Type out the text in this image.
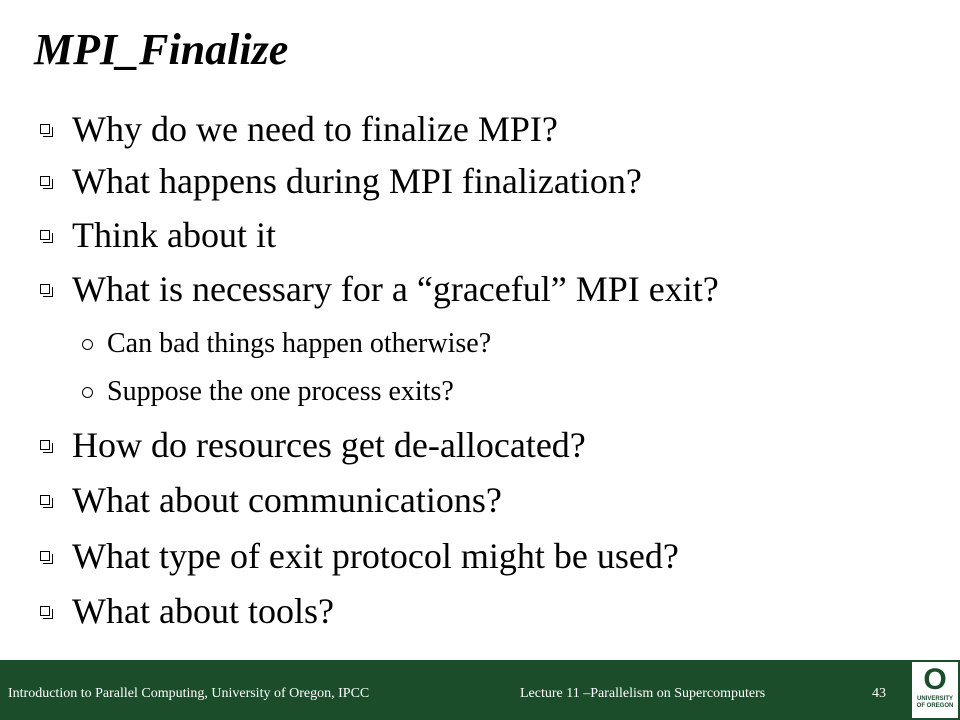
MPI_Finalize
Why do we need to finalize MPI?
What happens during MPI finalization?
Think about it
What is necessary for a “graceful” MPI exit?
Can bad things happen otherwise?
Suppose the one process exits?
How do resources get de-allocated?
What about communications?
What type of exit protocol might be used?
What about tools?
Introduction to Parallel Computing, University of Oregon, IPCC	Lecture 11 –Parallelism on Supercomputers	43 O
UNIVERSITY
OF OREGON
